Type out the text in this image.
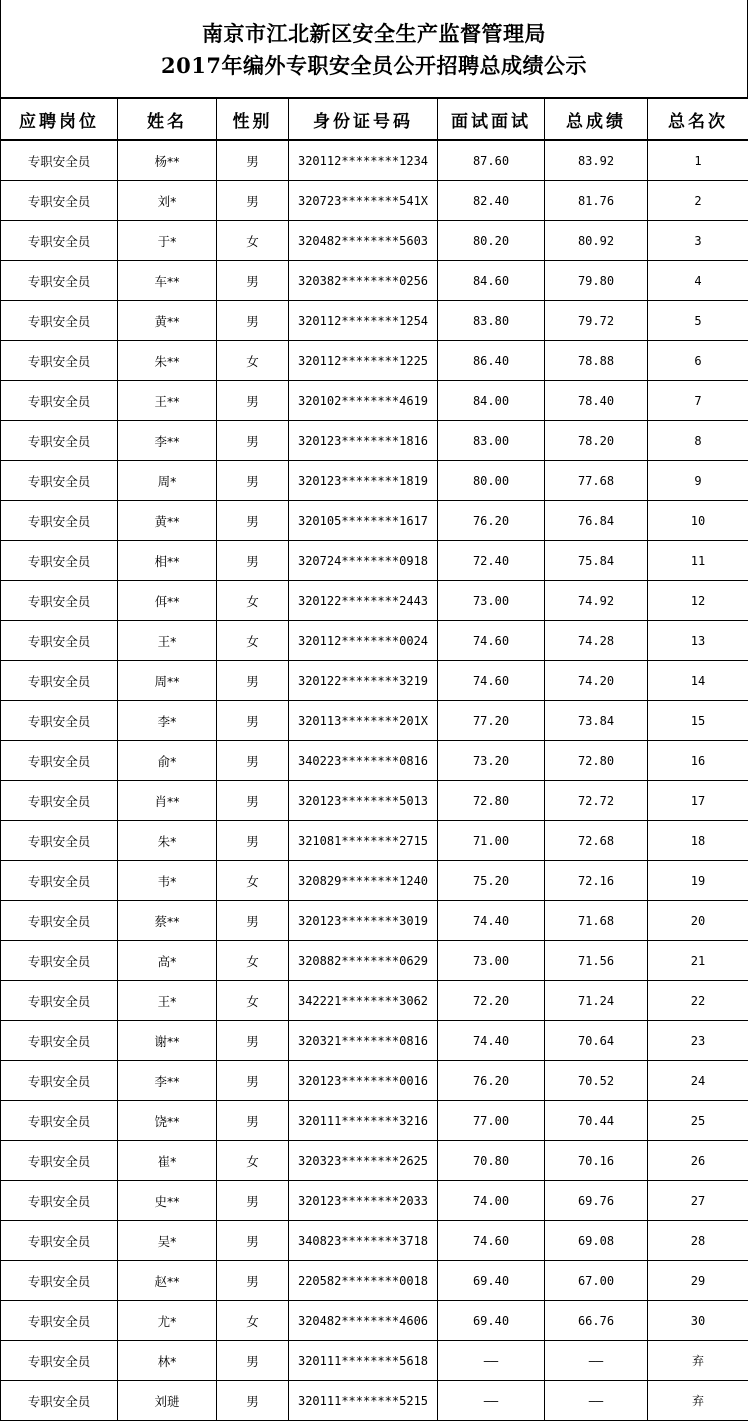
南京市江北新区安全生产监督管理局
2017年编外专职安全员公开招聘总成绩公示
应聘岗位	姓名	性别	身份证号码	面试面试	总成绩	总名次
专职安全员	杨**	男	320112********1234	87.60	83.92	1
专职安全员	刘*	男	320723********541X	82.40	81.76	2
专职安全员	于*	女	320482********5603	80.20	80.92	3
专职安全员	车**	男	320382********0256	84.60	79.80	4
专职安全员	黄**	男	320112********1254	83.80	79.72	5
专职安全员	朱**	女	320112********1225	86.40	78.88	6
专职安全员	王**	男	320102********4619	84.00	78.40	7
专职安全员	李**	男	320123********1816	83.00	78.20	8
专职安全员	周*	男	320123********1819	80.00	77.68	9
专职安全员	黄**	男	320105********1617	76.20	76.84	10
专职安全员	相**	男	320724********0918	72.40	75.84	11
专职安全员	佴**	女	320122********2443	73.00	74.92	12
专职安全员	王*	女	320112********0024	74.60	74.28	13
专职安全员	周**	男	320122********3219	74.60	74.20	14
专职安全员	李*	男	320113********201X	77.20	73.84	15
专职安全员	俞*	男	340223********0816	73.20	72.80	16
专职安全员	肖**	男	320123********5013	72.80	72.72	17
专职安全员	朱*	男	321081********2715	71.00	72.68	18
专职安全员	韦*	女	320829********1240	75.20	72.16	19
专职安全员	蔡**	男	320123********3019	74.40	71.68	20
专职安全员	高*	女	320882********0629	73.00	71.56	21
专职安全员	王*	女	342221********3062	72.20	71.24	22
专职安全员	谢**	男	320321********0816	74.40	70.64	23
专职安全员	李**	男	320123********0016	76.20	70.52	24
专职安全员	饶**	男	320111********3216	77.00	70.44	25
专职安全员	崔*	女	320323********2625	70.80	70.16	26
专职安全员	史**	男	320123********2033	74.00	69.76	27
专职安全员	吴*	男	340823********3718	74.60	69.08	28
专职安全员	赵**	男	220582********0018	69.40	67.00	29
专职安全员	尤*	女	320482********4606	69.40	66.76	30
专职安全员	林*	男	320111********5618	——	——	弃
专职安全员	刘琎	男	320111********5215	——	——	弃
